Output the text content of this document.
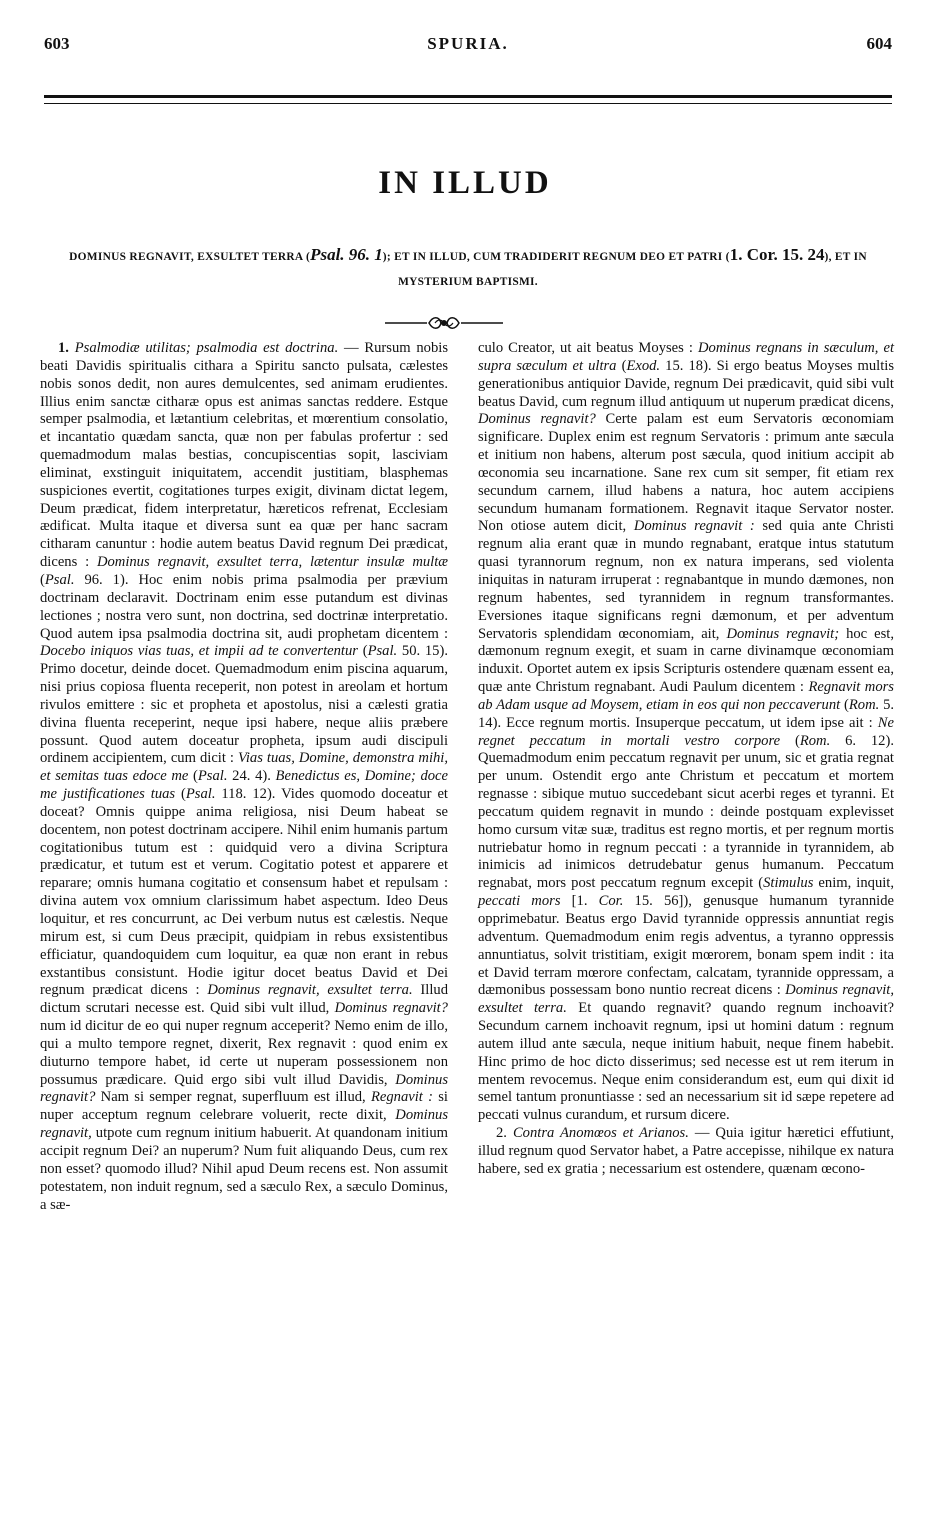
603	SPURIA.	604
IN ILLUD
DOMINUS REGNAVIT, EXSULTET TERRA (Psal. 96. 1); ET IN ILLUD, CUM TRADIDERIT REGNUM DEO ET PATRI (1. Cor. 15. 24), ET IN MYSTERIUM BAPTISMI.

1. Psalmodiæ utilitas; psalmodia est doctrina. — Rursum nobis beati Davidis spiritualis cithara a Spiritu sancto pulsata, cælestes nobis sonos dedit, non aures demulcentes, sed animam erudientes. Illius enim sanctæ citharæ opus est animas sanctas reddere. Estque semper psalmodia, et lætantium celebritas, et mœrentium consolatio, et incantatio quædam sancta, quæ non per fabulas profertur : sed quemadmodum malas bestias, concupiscentias sopit, lasciviam eliminat, exstinguit iniquitatem, accendit justitiam, blasphemas suspiciones evertit, cogitationes turpes exigit, divinam dictat legem, Deum prædicat, fidem interpretatur, hæreticos refrenat, Ecclesiam ædificat. Multa itaque et diversa sunt ea quæ per hanc sacram citharam canuntur : hodie autem beatus David regnum Dei prædicat, dicens : Dominus regnavit, exsultet terra, lætentur insulæ multæ (Psal. 96. 1). Hoc enim nobis prima psalmodia per prævium doctrinam declaravit. Doctrinam enim esse putandum est divinas lectiones ; nostra vero sunt, non doctrina, sed doctrinæ interpretatio. Quod autem ipsa psalmodia doctrina sit, audi prophetam dicentem : Docebo iniquos vias tuas, et impii ad te convertentur (Psal. 50. 15). Primo docetur, deinde docet. Quemadmodum enim piscina aquarum, nisi prius copiosa fluenta receperit, non potest in areolam et hortum rivulos emittere : sic et propheta et apostolus, nisi a cælesti gratia divina fluenta receperint, neque ipsi habere, neque aliis præbere possunt. Quod autem doceatur propheta, ipsum audi discipuli ordinem accipientem, cum dicit : Vias tuas, Domine, demonstra mihi, et semitas tuas edoce me (Psal. 24. 4). Benedictus es, Domine; doce me justificationes tuas (Psal. 118. 12). Vides quomodo doceatur et doceat? Omnis quippe anima religiosa, nisi Deum habeat se docentem, non potest doctrinam accipere. Nihil enim humanis partum cogitationibus tutum est : quidquid vero a divina Scriptura prædicatur, et tutum est et verum. Cogitatio potest et apparere et reparare; omnis humana cogitatio et consensum habet et repulsam : divina autem vox omnium clarissimum habet aspectum. Ideo Deus loquitur, et res concurrunt, ac Dei verbum nutus est cælestis. Neque mirum est, si cum Deus præcipit, quidpiam in rebus exsistentibus efficiatur, quandoquidem cum loquitur, ea quæ non erant in rebus exstantibus consistunt. Hodie igitur docet beatus David et Dei regnum prædicat dicens : Dominus regnavit, exsultet terra. Illud dictum scrutari necesse est. Quid sibi vult illud, Dominus regnavit? num id dicitur de eo qui nuper regnum acceperit? Nemo enim de illo, qui a multo tempore regnet, dixerit, Rex regnavit : quod enim ex diuturno tempore habet, id certe ut nuperam possessionem non possumus prædicare. Quid ergo sibi vult illud Davidis, Dominus regnavit? Nam si semper regnat, superfluum est illud, Regnavit : si nuper acceptum regnum celebrare voluerit, recte dixit, Dominus regnavit, utpote cum regnum initium habuerit. At quandonam initium accipit regnum Dei? an nuperum? Num fuit aliquando Deus, cum rex non esset? quomodo illud? Nihil apud Deum recens est. Non assumit potestatem, non induit regnum, sed a sæculo Rex, a sæculo Dominus, a sæ-

culo Creator, ut ait beatus Moyses : Dominus regnans in sæculum, et supra sæculum et ultra (Exod. 15. 18). Si ergo beatus Moyses multis generationibus antiquior Davide, regnum Dei prædicavit, quid sibi vult beatus David, cum regnum illud antiquum ut nuperum prædicat dicens, Dominus regnavit? Certe palam est eum Servatoris œconomiam significare. Duplex enim est regnum Servatoris : primum ante sæcula et initium non habens, alterum post sæcula, quod initium accipit ab œconomia seu incarnatione. Sane rex cum sit semper, fit etiam rex secundum carnem, illud habens a natura, hoc autem accipiens secundum humanam formationem. Regnavit itaque Servator noster. Non otiose autem dicit, Dominus regnavit : sed quia ante Christi regnum alia erant quæ in mundo regnabant, eratque intus statutum quasi tyrannorum regnum, non ex natura imperans, sed violenta iniquitas in naturam irruperat : regnabantque in mundo dæmones, non regnum habentes, sed tyrannidem in regnum transformantes. Eversiones itaque significans regni dæmonum, et per adventum Servatoris splendidam œconomiam, ait, Dominus regnavit; hoc est, dæmonum regnum exegit, et suam in carne divinamque œconomiam induxit. Oportet autem ex ipsis Scripturis ostendere quænam essent ea, quæ ante Christum regnabant. Audi Paulum dicentem : Regnavit mors ab Adam usque ad Moysem, etiam in eos qui non peccaverunt (Rom. 5. 14). Ecce regnum mortis. Insuperque peccatum, ut idem ipse ait : Ne regnet peccatum in mortali vestro corpore (Rom. 6. 12). Quemadmodum enim peccatum regnavit per unum, sic et gratia regnat per unum. Ostendit ergo ante Christum et peccatum et mortem regnasse : sibique mutuo succedebant sicut acerbi reges et tyranni. Et peccatum quidem regnavit in mundo : deinde postquam explevisset homo cursum vitæ suæ, traditus est regno mortis, et per regnum mortis nutriebatur homo in regnum peccati : a tyrannide in tyrannidem, ab inimicis ad inimicos detrudebatur genus humanum. Peccatum regnabat, mors post peccatum regnum excepit (Stimulus enim, inquit, peccati mors [1. Cor. 15. 56]), genusque humanum tyrannide opprimebatur. Beatus ergo David tyrannide oppressis annuntiat regis adventum. Quemadmodum enim regis adventus, a tyranno oppressis annuntiatus, solvit tristitiam, exigit mœrorem, bonam spem indit : ita et David terram mœrore confectam, calcatam, tyrannide oppressam, a dæmonibus possessam bono nuntio recreat dicens : Dominus regnavit, exsultet terra. Et quando regnavit? quando regnum inchoavit? Secundum carnem inchoavit regnum, ipsi ut homini datum : regnum autem illud ante sæcula, neque initium habuit, neque finem habebit. Hinc primo de hoc dicto disserimus; sed necesse est ut rem iterum in mentem revocemus. Neque enim considerandum est, eum qui dixit id semel tantum pronuntiasse : sed an necessarium sit id sæpe repetere ad peccati vulnus curandum, et rursum dicere.

2. Contra Anomœos et Arianos. — Quia igitur hæretici effutiunt, illud regnum quod Servator habet, a Patre accepisse, nihilque ex natura habere, sed ex gratia ; necessarium est ostendere, quænam œcono-
